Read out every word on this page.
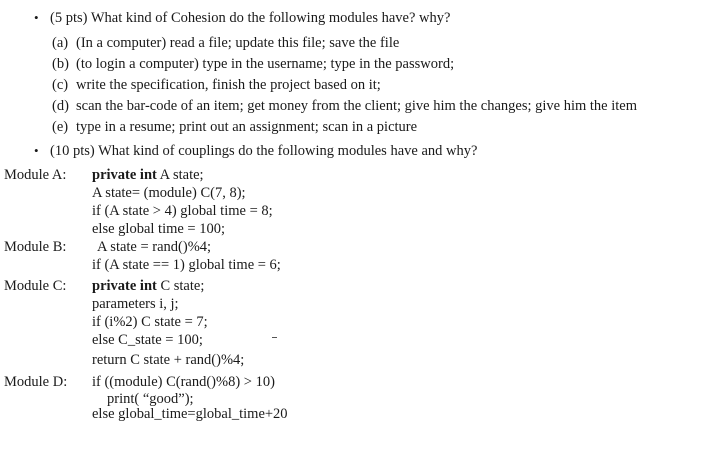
• (5 pts) What kind of Cohesion do the following modules have? why?
(a) (In a computer) read a file; update this file; save the file
(b) (to login a computer) type in the username; type in the password;
(c) write the specification, finish the project based on it;
(d) scan the bar-code of an item; get money from the client; give him the changes; give him the item
(e) type in a resume; print out an assignment; scan in a picture
• (10 pts) What kind of couplings do the following modules have and why?
Module A: private int A state;
A state= (module) C(7, 8);
if (A state > 4) global time = 8;
else global time = 100;
Module B: A state = rand()%4;
if (A state == 1) global time = 6;
Module C: private int C state;
parameters i, j;
if (i%2) C state = 7;
else C_state = 100;
return C state + rand()%4;
Module D: if ((module) C(rand()%8) > 10)
print( “good”);
else global_time=global_time+20
